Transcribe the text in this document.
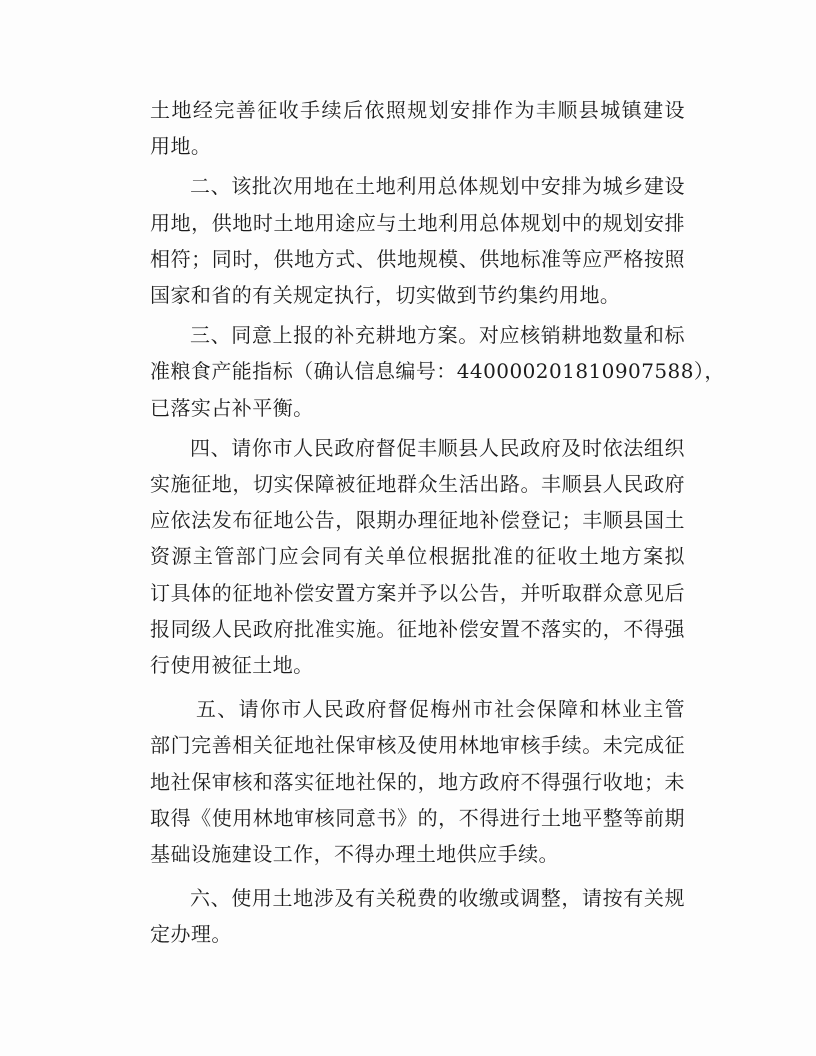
土地经完善征收手续后依照规划安排作为丰顺县城镇建设
用地。
二、该批次用地在土地利用总体规划中安排为城乡建设
用地，供地时土地用途应与土地利用总体规划中的规划安排
相符；同时，供地方式、供地规模、供地标准等应严格按照
国家和省的有关规定执行，切实做到节约集约用地。
三、同意上报的补充耕地方案。对应核销耕地数量和标
准粮食产能指标（确认信息编号：440000201810907588），
已落实占补平衡。
四、请你市人民政府督促丰顺县人民政府及时依法组织
实施征地，切实保障被征地群众生活出路。丰顺县人民政府
应依法发布征地公告，限期办理征地补偿登记；丰顺县国土
资源主管部门应会同有关单位根据批准的征收土地方案拟
订具体的征地补偿安置方案并予以公告，并听取群众意见后
报同级人民政府批准实施。征地补偿安置不落实的，不得强
行使用被征土地。
五、请你市人民政府督促梅州市社会保障和林业主管
部门完善相关征地社保审核及使用林地审核手续。未完成征
地社保审核和落实征地社保的，地方政府不得强行收地；未
取得《使用林地审核同意书》的，不得进行土地平整等前期
基础设施建设工作，不得办理土地供应手续。
六、使用土地涉及有关税费的收缴或调整，请按有关规
定办理。
